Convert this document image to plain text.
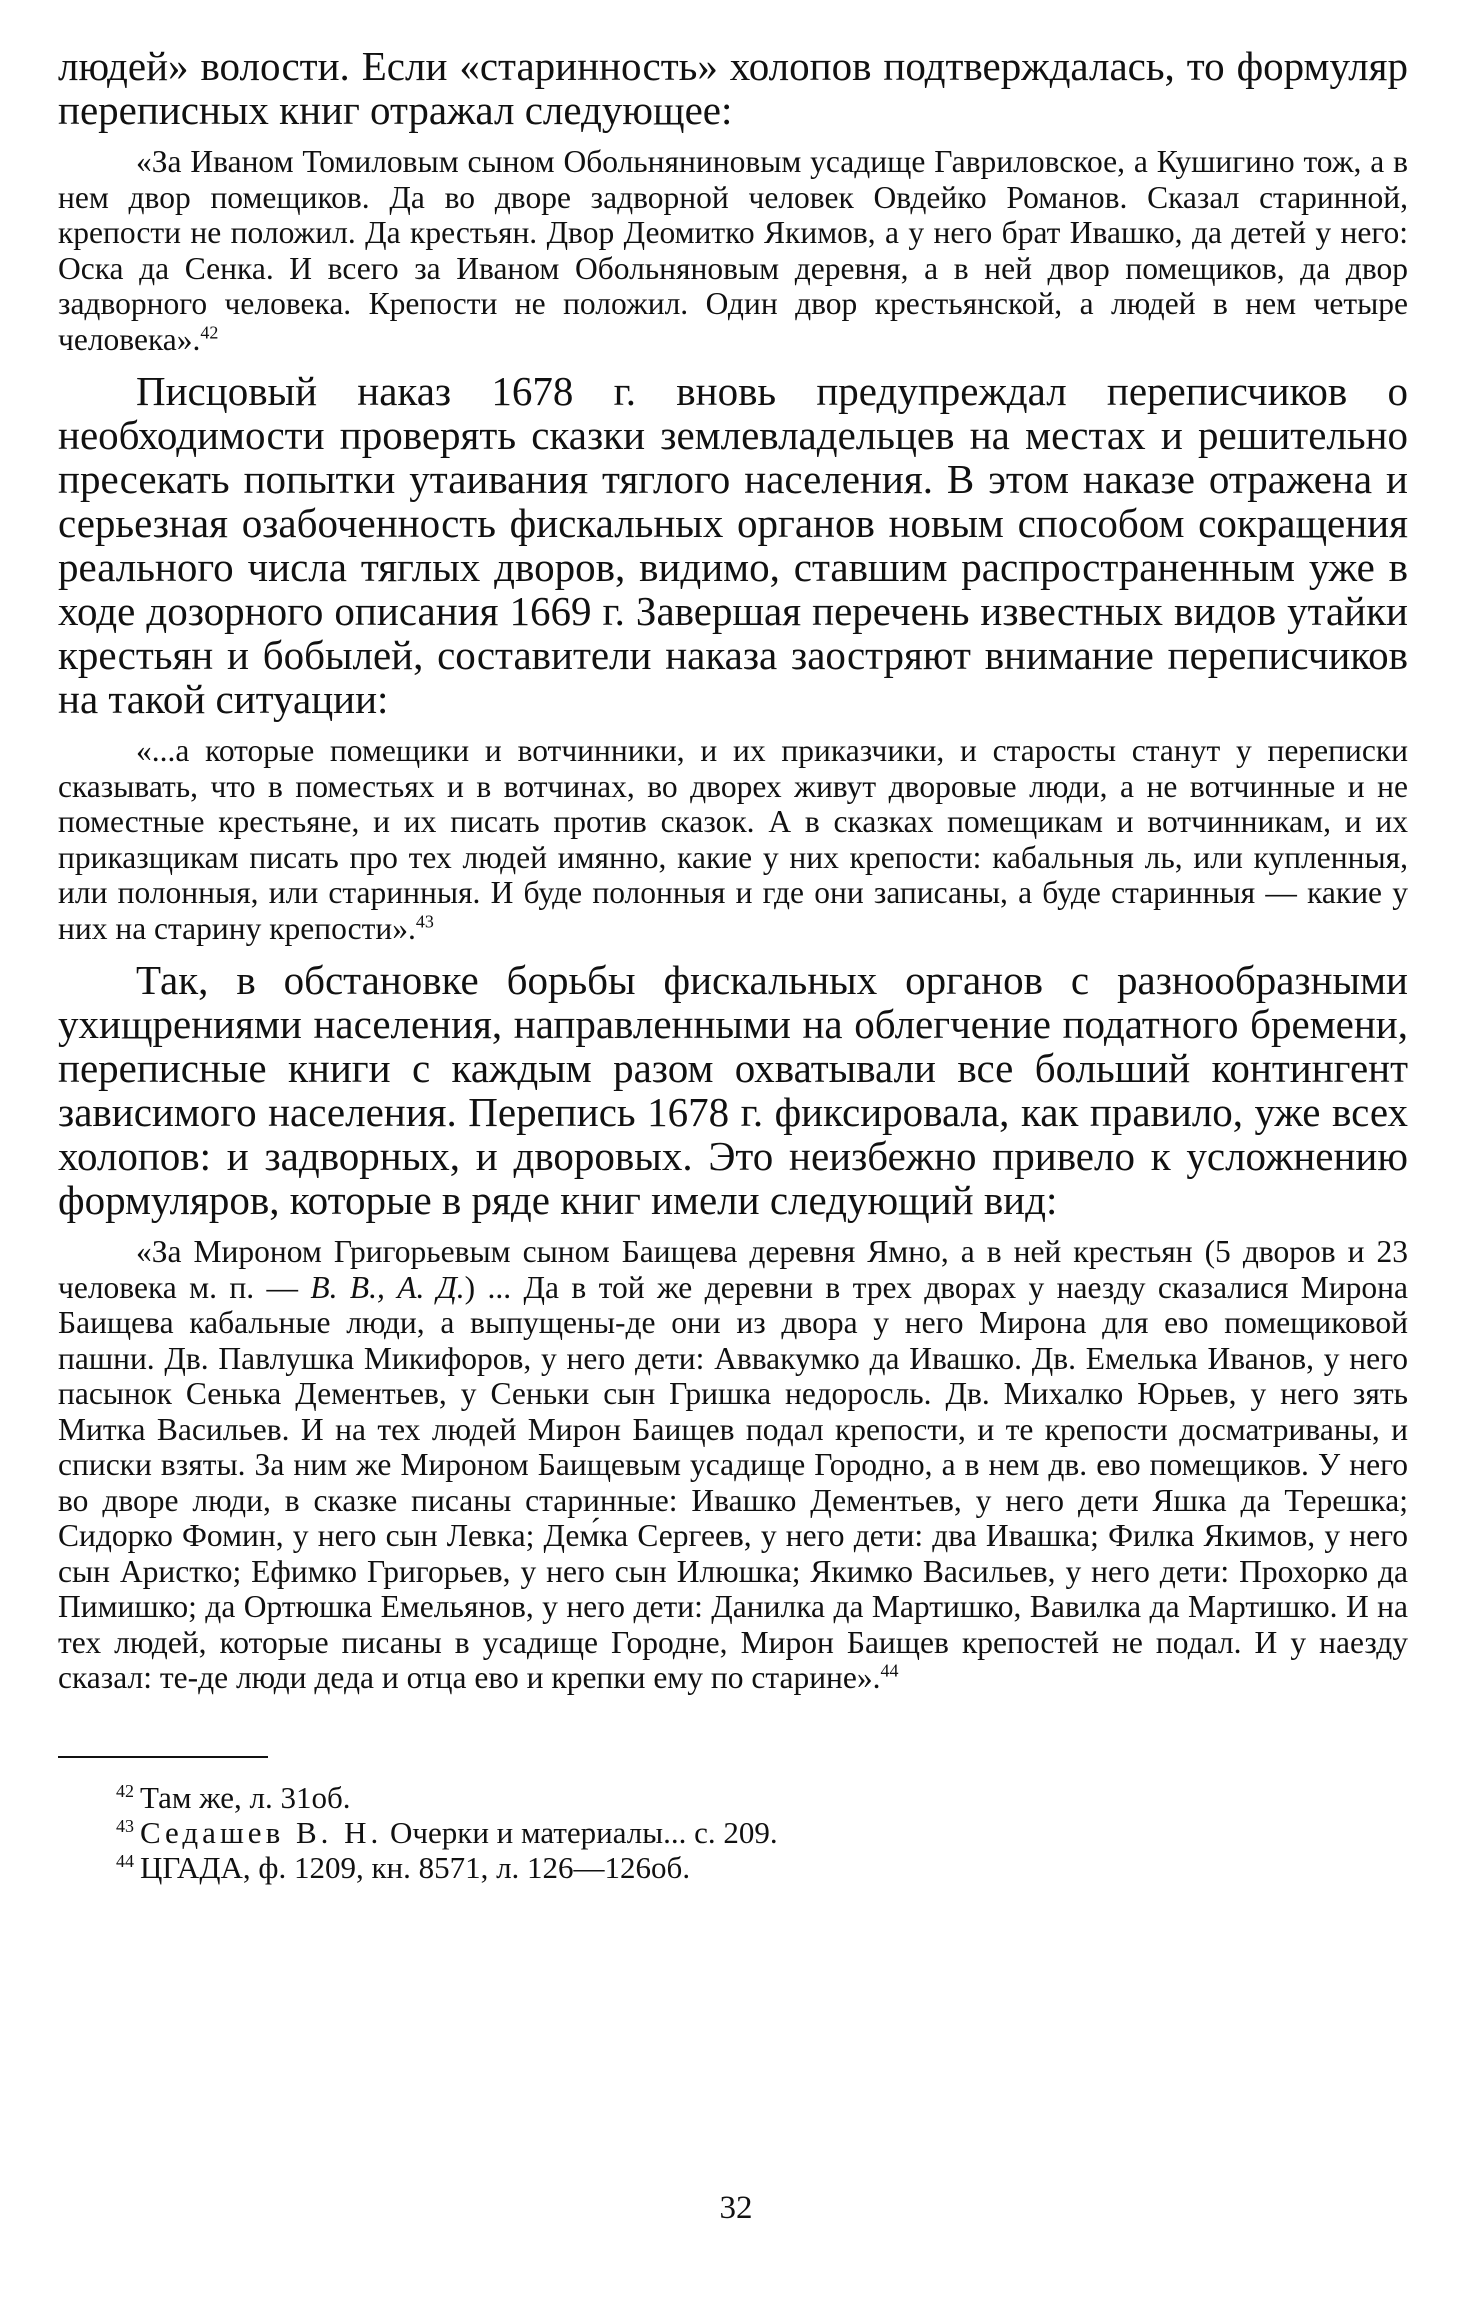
людей» волости. Если «старинность» холопов подтверждалась, то формуляр переписных книг отражал следующее:

«За Иваном Томиловым сыном Обольняниновым усадище Гавриловское, а Кушигино тож, а в нем двор помещиков. Да во дворе задворной человек Овдейко Романов. Сказал старинной, крепости не положил. Да крестьян. Двор Деомитко Якимов, а у него брат Ивашко, да детей у него: Оска да Сенка. И всего за Иваном Обольняновым деревня, а в ней двор помещиков, да двор задворного человека. Крепости не положил. Один двор крестьянской, а людей в нем четыре человека».$^{42}$

Писцовый наказ 1678 г. вновь предупреждал переписчиков о необходимости проверять сказки землевладельцев на местах и решительно пресекать попытки утаивания тяглого населения. В этом наказе отражена и серьезная озабоченность фискальных органов новым способом сокращения реального числа тяглых дворов, видимо, ставшим распространенным уже в ходе дозорного описания 1669 г. Завершая перечень известных видов утайки крестьян и бобылей, составители наказа заостряют внимание переписчиков на такой ситуации:

«...а которые помещики и вотчинники, и их приказчики, и старосты станут у переписки сказывать, что в поместьях и в вотчинах, во дворех живут дворовые люди, а не вотчинные и не поместные крестьяне, и их писать против сказок. А в сказках помещикам и вотчинникам, и их приказщикам писать про тех людей имянно, какие у них крепости: кабальныя ль, или купленныя, или полонныя, или старинныя. И буде полонныя и где они записаны, а буде старинныя — какие у них на старину крепости».$^{43}$

Так, в обстановке борьбы фискальных органов с разнообразными ухищрениями населения, направленными на облегчение податного бремени, переписные книги с каждым разом охватывали все больший контингент зависимого населения. Перепись 1678 г. фиксировала, как правило, уже всех холопов: и задворных, и дворовых. Это неизбежно привело к усложнению формуляров, которые в ряде книг имели следующий вид:

«За Мироном Григорьевым сыном Баищева деревня Ямно, а в ней крестьян (5 дворов и 23 человека м. п. — В. В., А. Д.) ... Да в той же деревни в трех дворах у наезду сказалися Мирона Баищева кабальные люди, а выпущены-де они из двора у него Мирона для ево помещиковой пашни. Дв. Павлушка Микифоров, у него дети: Аввакумко да Ивашко. Дв. Емелька Иванов, у него пасынок Сенька Дементьев, у Сеньки сын Гришка недоросль. Дв. Михалко Юрьев, у него зять Митка Васильев. И на тех людей Мирон Баищев подал крепости, и те крепости досматриваны, и списки взяты. За ним же Мироном Баищевым усадище Городно, а в нем дв. ево помещиков. У него во дворе люди, в сказке писаны старинные: Ивашко Дементьев, у него дети Яшка да Терешка; Сидорко Фомин, у него сын Левка; Дем́ка Сергеев, у него дети: два Ивашка; Филка Якимов, у него сын Аристко; Ефимко Григорьев, у него сын Илюшка; Якимко Васильев, у него дети: Прохорко да Пимишко; да Ортюшка Емельянов, у него дети: Данилка да Мартишко, Вавилка да Мартишко. И на тех людей, которые писаны в усадище Городне, Мирон Баищев крепостей не подал. И у наезду сказал: те-де люди деда и отца ево и крепки ему по старине».$^{44}$

42 Там же, л. 31об.

43 Седашев В. Н. Очерки и материалы... с. 209.

44 ЦГАДА, ф. 1209, кн. 8571, л. 126—126об.

32
